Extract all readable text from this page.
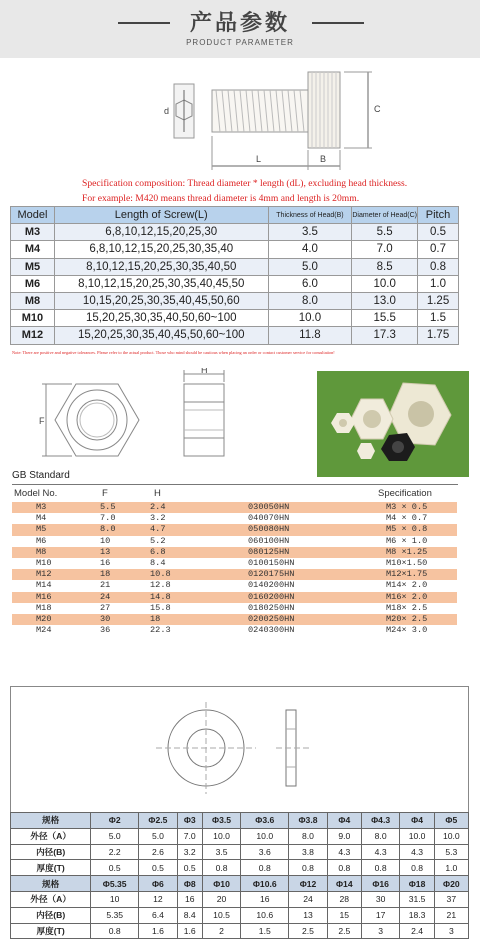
产品参数
PRODUCT PARAMETER
d
L	B
C
Specification composition: Thread diameter * length (dL), excluding head thickness.
For example: M420 means thread diameter is 4mm and length is 20mm.
Model	Length of Screw(L)	Thickness of Head(B)	Diameter of Head(C)	Pitch
M3	6,8,10,12,15,20,25,30	3.5	5.5	0.5
M4	6,8,10,12,15,20,25,30,35,40	4.0	7.0	0.7
M5	8,10,12,15,20,25,30,35,40,50	5.0	8.5	0.8
M6	8,10,12,15,20,25,30,35,40,45,50	6.0	10.0	1.0
M8	10,15,20,25,30,35,40,45,50,60	8.0	13.0	1.25
M10	15,20,25,30,35,40,50,60~100	10.0	15.5	1.5
M12	15,20,25,30,35,40,45,50,60~100	11.8	17.3	1.75
Note: There are positive and negative tolerances. Please refer to the actual product. Those who mind should be cautious when placing an order or contact customer service for consultation!
F
H
GB Standard
Model No.	F	H	Specification
M3	5.5	2.4	030050HN	M3 × 0.5
M4	7.0	3.2	040070HN	M4 × 0.7
M5	8.0	4.7	050080HN	M5 × 0.8
M6	10	5.2	060100HN	M6 × 1.0
M8	13	6.8	080125HN	M8 ×1.25
M10	16	8.4	0100150HN	M10×1.50
M12	18	10.8	0120175HN	M12×1.75
M14	21	12.8	0140200HN	M14× 2.0
M16	24	14.8	0160200HN	M16× 2.0
M18	27	15.8	0180250HN	M18× 2.5
M20	30	18	0200250HN	M20× 2.5
M24	36	22.3	0240300HN	M24× 3.0
规格	Φ2	Φ2.5	Φ3	Φ3.5	Φ3.6	Φ3.8	Φ4	Φ4.3	Φ4	Φ5
外径（A）	5.0	5.0	7.0	10.0	10.0	8.0	9.0	8.0	10.0	10.0
内径(B)	2.2	2.6	3.2	3.5	3.6	3.8	4.3	4.3	4.3	5.3
厚度(T)	0.5	0.5	0.5	0.8	0.8	0.8	0.8	0.8	0.8	1.0
规格	Φ5.35	Φ6	Φ8	Φ10	Φ10.6	Φ12	Φ14	Φ16	Φ18	Φ20
外径（A）	10	12	16	20	16	24	28	30	31.5	37
内径(B)	5.35	6.4	8.4	10.5	10.6	13	15	17	18.3	21
厚度(T)	0.8	1.6	1.6	2	1.5	2.5	2.5	3	2.4	3
